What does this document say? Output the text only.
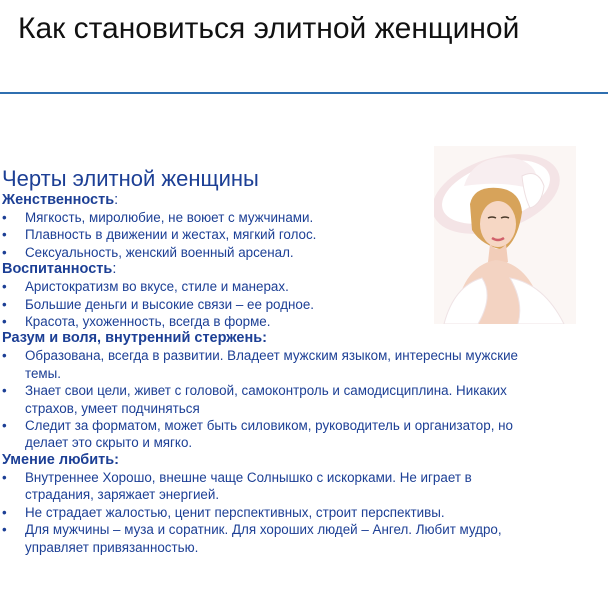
Как становиться элитной женщиной
Черты элитной женщины
Женственность:
• Мягкость, миролюбие, не воюет с мужчинами.
• Плавность в движении и жестах, мягкий голос.
• Сексуальность, женский военный арсенал.
Воспитанность:
• Аристократизм во вкусе, стиле и манерах.
• Большие деньги и высокие связи – ее родное.
• Красота, ухоженность, всегда в форме.
Разум и воля, внутренний стержень:
• Образована, всегда в развитии. Владеет мужским языком, интересны мужские темы.
• Знает свои цели, живет с головой, самоконтроль и самодисциплина. Никаких страхов, умеет подчиняться
• Следит за форматом, может быть силовиком, руководитель и организатор, но делает это скрыто и мягко.
Умение любить:
• Внутреннее Хорошо, внешне чаще Солнышко с искорками. Не играет в страдания, заряжает энергией.
• Не страдает жалостью, ценит перспективных, строит перспективы.
• Для мужчины – муза и соратник. Для хороших людей – Ангел. Любит мудро, управляет привязанностью.
